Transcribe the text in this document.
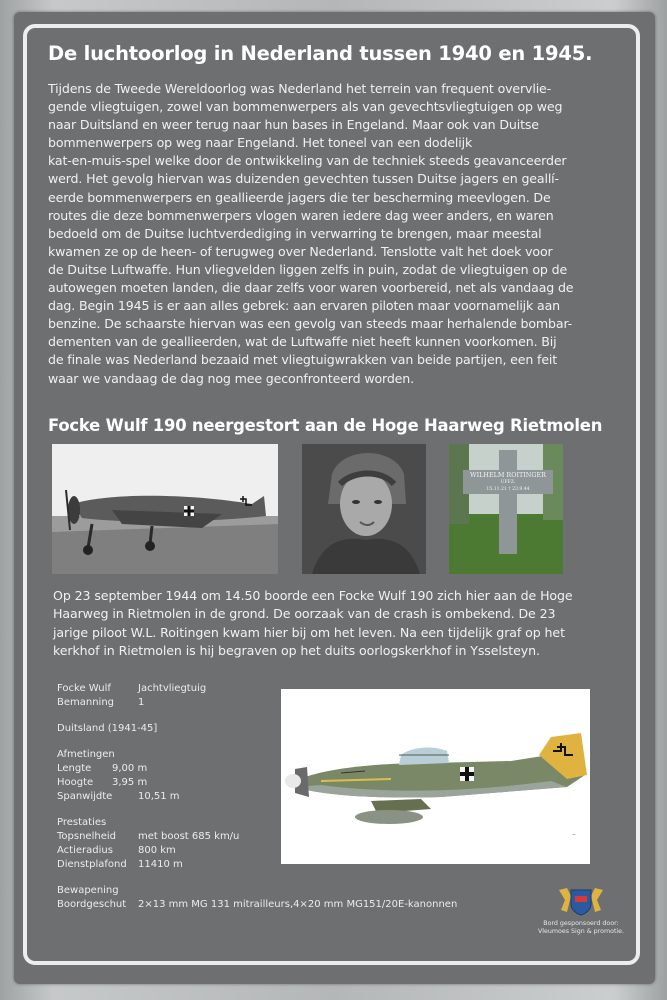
De luchtoorlog in Nederland tussen 1940 en 1945.
Tijdens de Tweede Wereldoorlog was Nederland het terrein van frequent overvlie-
gende vliegtuigen, zowel van bommenwerpers als van gevechtsvliegtuigen op weg
naar Duitsland en weer terug naar hun bases in Engeland. Maar ook van Duitse
bommenwerpers op weg naar Engeland. Het toneel van een dodelijk
kat-en-muis-spel welke door de ontwikkeling van de techniek steeds geavanceerder
werd. Het gevolg hiervan was duizenden gevechten tussen Duitse jagers en geallí-
eerde bommenwerpers en geallieerde jagers die ter bescherming meevlogen. De
routes die deze bommenwerpers vlogen waren iedere dag weer anders, en waren
bedoeld om de Duitse luchtverdediging in verwarring te brengen, maar meestal
kwamen ze op de heen- of terugweg over Nederland. Tenslotte valt het doek voor
de Duitse Luftwaffe. Hun vliegvelden liggen zelfs in puin, zodat de vliegtuigen op de
autowegen moeten landen, die daar zelfs voor waren voorbereid, net als vandaag de
dag. Begin 1945 is er aan alles gebrek: aan ervaren piloten maar voornamelijk aan
benzine. De schaarste hiervan was een gevolg van steeds maar herhalende bombar-
dementen van de geallieerden, wat de Luftwaffe niet heeft kunnen voorkomen. Bij
de finale was Nederland bezaaid met vliegtuigwrakken van beide partijen, een feit
waar we vandaag de dag nog mee geconfronteerd worden.
Focke Wulf 190 neergestort aan de Hoge Haarweg Rietmolen
WILHELM ROITINGER
UFFZ.
15.11.21 † 23.9.44
Op 23 september 1944 om 14.50 boorde een Focke Wulf 190 zich hier aan de Hoge
Haarweg in Rietmolen in de grond. De oorzaak van de crash is ombekend. De 23
jarige piloot W.L. Roitingen kwam hier bij om het leven. Na een tijdelijk graf op het
kerkhof in Rietmolen is hij begraven op het duits oorlogskerkhof in Ysselsteyn.
Focke Wulf	Jachtvliegtuig
Bemanning 1
Duitsland (1941-45]
Afmetingen
Lengte 9,00 m
Hoogte 3,95 m
Spanwijdte	10,51 m
Prestaties
Topsnelheid met boost 685 km/u
Actieradius	800 km
Dienstplafond 11410 m
Bewapening
Boordgeschut 2×13 mm MG 131 mitrailleurs,4×20 mm MG151/20E-kanonnen
~
Bord gesponsoerd door:
Vleumoes Sign & promotie.
